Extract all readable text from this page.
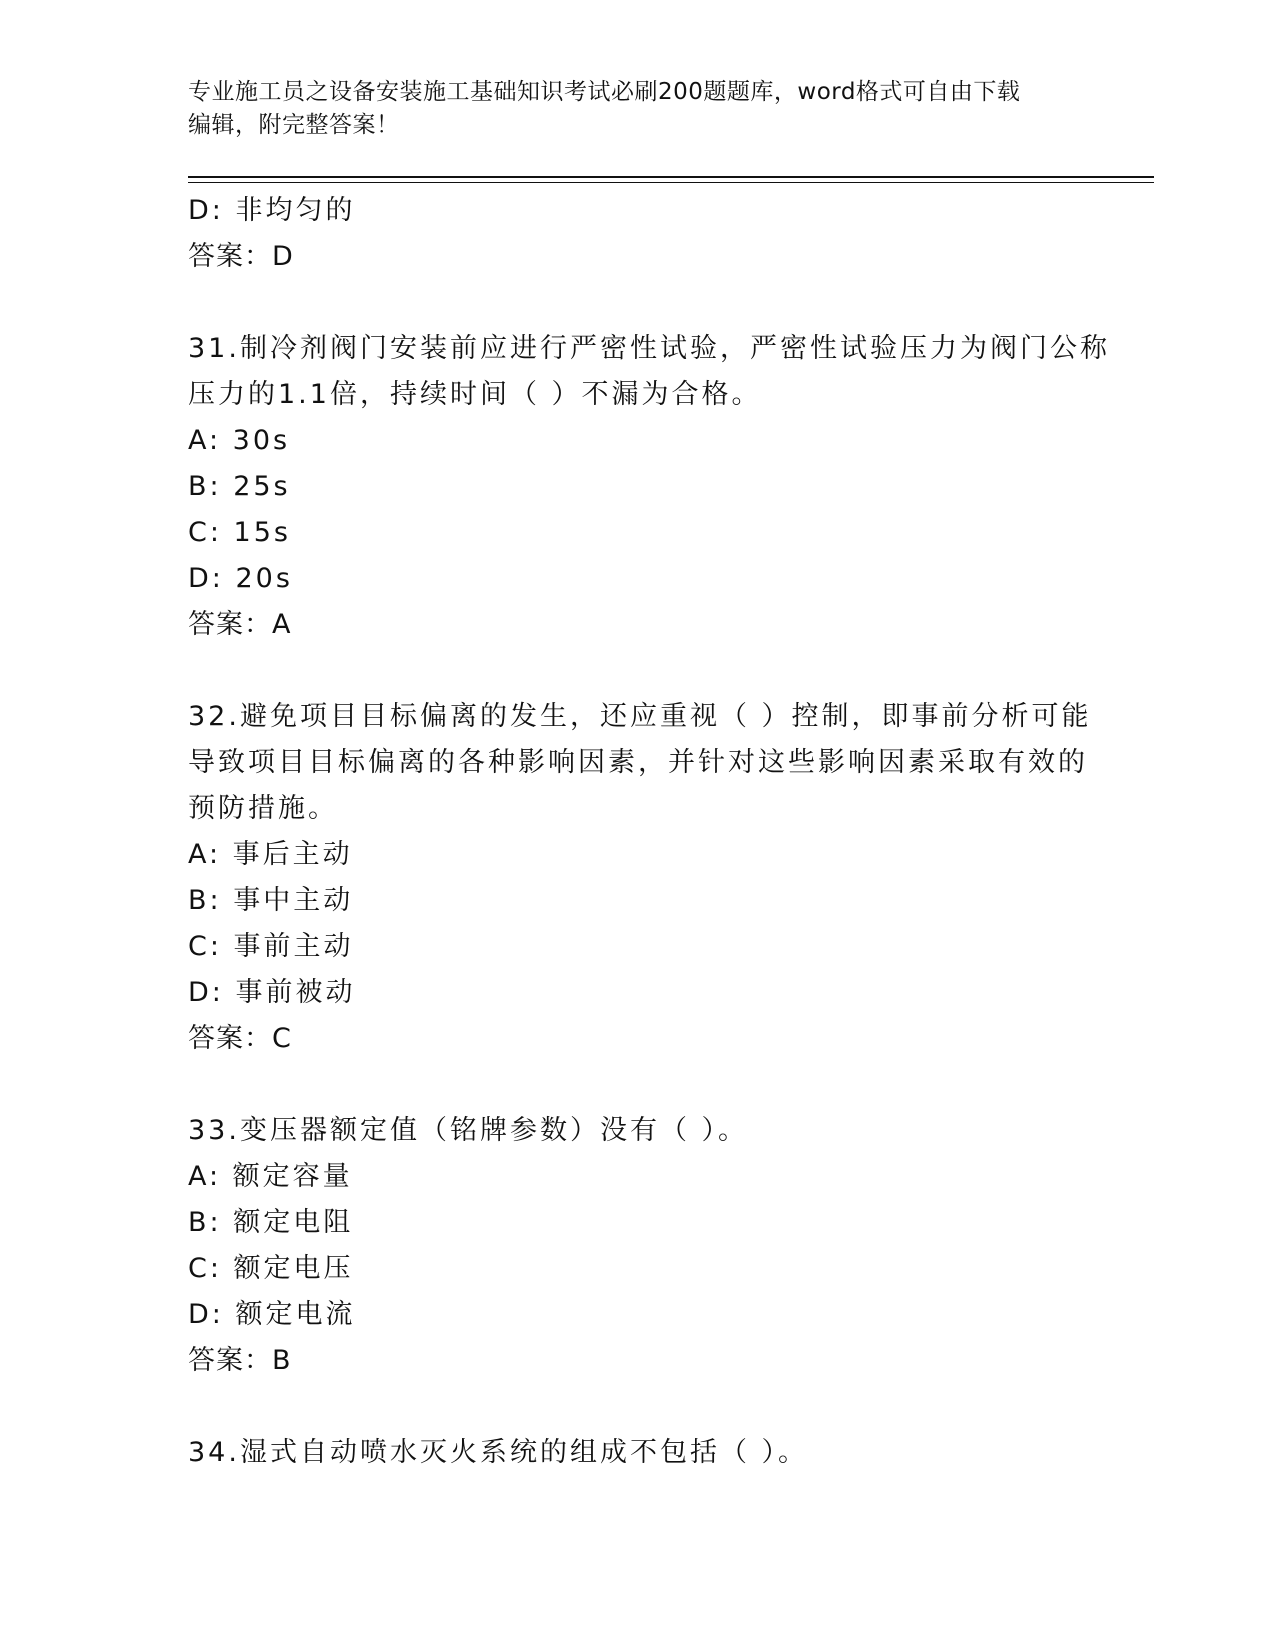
专业施工员之设备安装施工基础知识考试必刷200题题库，word格式可自由下载
编辑，附完整答案！
D: 非均匀的
答案：D
31.制冷剂阀门安装前应进行严密性试验，严密性试验压力为阀门公称
压力的1.1倍，持续时间（ ）不漏为合格。
A: 30s
B: 25s
C: 15s
D: 20s
答案：A
32.避免项目目标偏离的发生，还应重视（ ）控制，即事前分析可能
导致项目目标偏离的各种影响因素，并针对这些影响因素采取有效的
预防措施。
A: 事后主动
B: 事中主动
C: 事前主动
D: 事前被动
答案：C
33.变压器额定值（铭牌参数）没有（ ）。
A: 额定容量
B: 额定电阻
C: 额定电压
D: 额定电流
答案：B
34.湿式自动喷水灭火系统的组成不包括（ ）。
